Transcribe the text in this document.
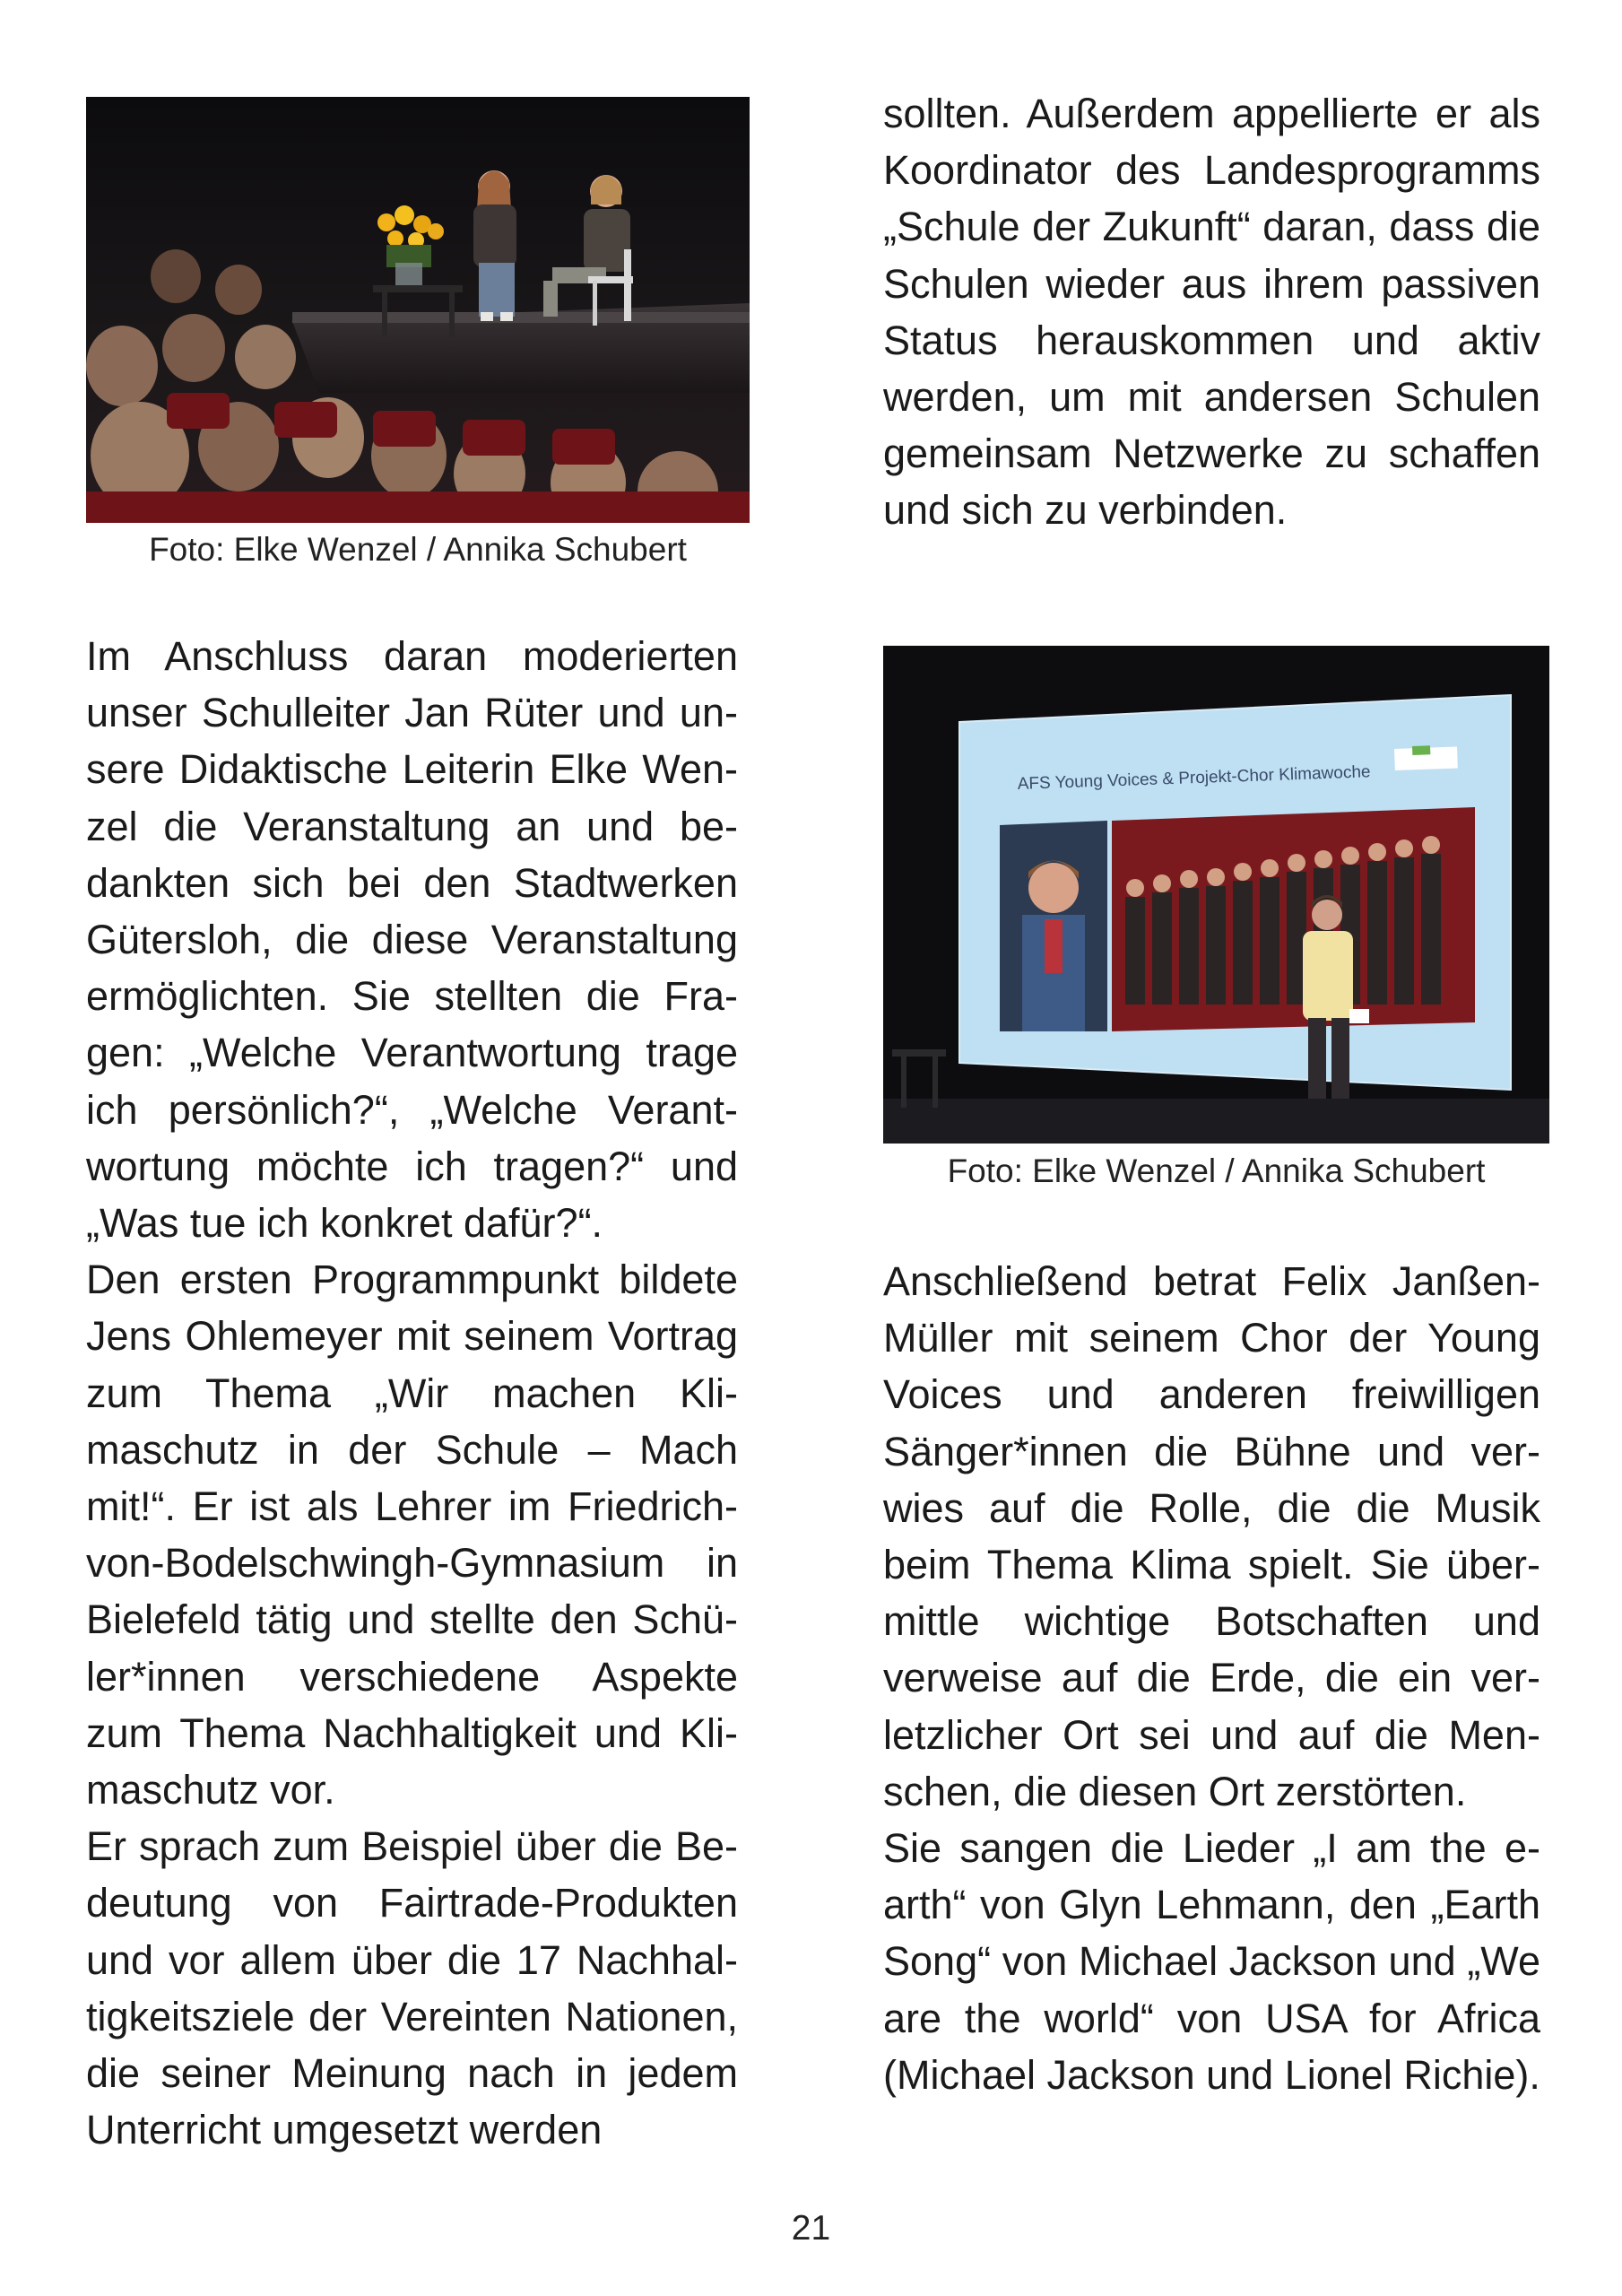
Foto: Elke Wenzel / Annika Schubert

Im Anschluss daran moderierten unser Schulleiter Jan Rüter und unsere Didaktische Leiterin Elke Wenzel die Veranstaltung an und bedankten sich bei den Stadtwerken Gütersloh, die diese Veranstaltung ermöglichten. Sie stellten die Fragen: „Welche Verantwortung trage ich persönlich?“, „Welche Verantwortung möchte ich tragen?“ und „Was tue ich konkret dafür?“.

Den ersten Programmpunkt bildete Jens Ohlemeyer mit seinem Vortrag zum Thema „Wir machen Klimaschutz in der Schule – Mach mit!“. Er ist als Lehrer im Friedrich-von-Bodelschwingh-Gymnasium in Bielefeld tätig und stellte den Schüler*innen verschiedene Aspekte zum Thema Nachhaltigkeit und Klimaschutz vor.

Er sprach zum Beispiel über die Bedeutung von Fairtrade-Produkten und vor allem über die 17 Nachhaltigkeitsziele der Vereinten Nationen, die seiner Meinung nach in jedem Unterricht umgesetzt werden

sollten. Außerdem appellierte er als Koordinator des Landesprogramms „Schule der Zukunft“ daran, dass die Schulen wieder aus ihrem passiven Status herauskommen und aktiv werden, um mit andersen Schulen gemeinsam Netzwerke zu schaffen und sich zu verbinden.

AFS Young Voices & Projekt-Chor Klimawoche
Foto: Elke Wenzel / Annika Schubert

Anschließend betrat Felix Janßen-Müller mit seinem Chor der Young Voices und anderen freiwilligen Sänger*innen die Bühne und verwies auf die Rolle, die die Musik beim Thema Klima spielt. Sie übermittle wichtige Botschaften und verweise auf die Erde, die ein verletzlicher Ort sei und auf die Menschen, die diesen Ort zerstörten.

Sie sangen die Lieder „I am the earth“ von Glyn Lehmann, den „Earth Song“ von Michael Jackson und „We are the world“ von USA for Africa (Michael Jackson und Lionel Richie).

21
